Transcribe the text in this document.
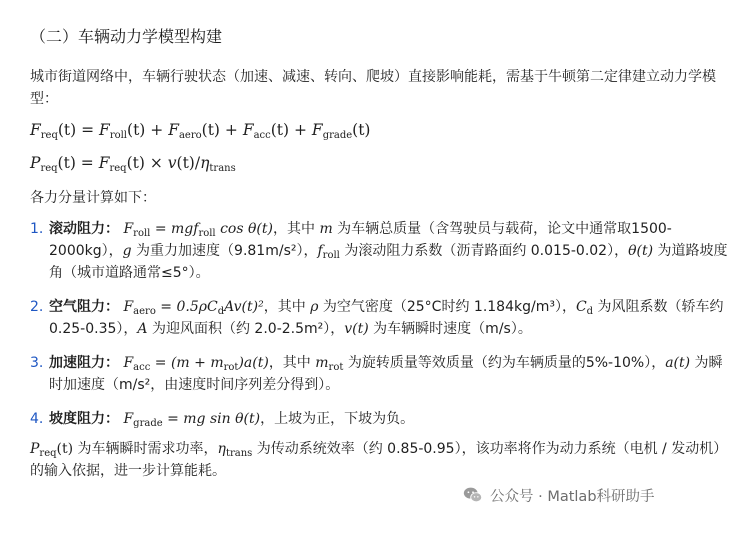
（二）车辆动力学模型构建
城市街道网络中，车辆行驶状态（加速、减速、转向、爬坡）直接影响能耗，需基于牛顿第二定律建立动力学模型：
$F_{req}(t) = F_{roll}(t) + F_{aero}(t) + F_{acc}(t) + F_{grade}(t)$
$P_{req}(t) = F_{req}(t) \times v(t)/\eta_{trans}$
各力分量计算如下：
1. 滚动阻力： $F_{roll} = mgf_{roll}$ cos θ(t)，其中 m 为车辆总质量（含驾驶员与载荷，论文中通常取1500-2000kg），g 为重力加速度（9.81m/s²），$f_{roll}$ 为滚动阻力系数（沥青路面约 0.015-0.02），θ(t) 为道路坡度角（城市道路通常≤5°）。
2. 空气阻力： $F_{aero} = 0.5\rho C_dAv(t)^2$，其中 ρ 为空气密度（25°C时约 1.184kg/m³），$C_d$ 为风阻系数（轿车约 0.25-0.35），A 为迎风面积（约 2.0-2.5m²），v(t) 为车辆瞬时速度（m/s）。
3. 加速阻力： $F_{acc} = (m + m_{rot})a(t)$，其中 $m_{rot}$ 为旋转质量等效质量（约为车辆质量的5%-10%），a(t) 为瞬时加速度（m/s²，由速度时间序列差分得到）。
4. 坡度阻力： $F_{grade}$ = mg sin θ(t)，上坡为正，下坡为负。
$P_{req}(t)$ 为车辆瞬时需求功率，$\eta_{trans}$ 为传动系统效率（约 0.85-0.95），该功率将作为动力系统（电机 / 发动机）的输入依据，进一步计算能耗。
公众号 · Matlab科研助手
